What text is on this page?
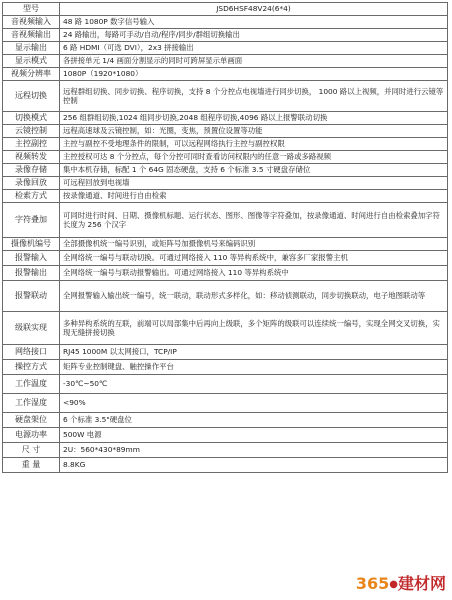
型号	JSD6HSF48V24(6*4)
音视频输入	48 路 1080P 数字信号输入
音视频输出	24 路输出，每路可手动/自动/程序/同步/群组切换输出
显示输出	6 路 HDMI（可选 DVI），2x3 拼接输出
显示模式	各拼接单元 1/4 画面分割显示的同时可跨屏显示单画面
视频分辨率	1080P（1920*1080）
远程切换	远程群组切换、同步切换、程序切换，支持 8 个分控点电视墙进行同步切换， 1000 路以上视频，并同时进行云镜等控制
切换模式	256 组群组切换,1024 组同步切换,2048 组程序切换,4096 路以上报警联动切换
云镜控制	远程高速球及云镜控制，如：光圈，变焦，预置位设置等功能
主控副控	主控与副控不受地理条件的限制，可以远程网络执行主控与副控权限
视频转发	主控授权可达 8 个分控点，每个分控可同时查看访问权限内的任意一路或多路视频
录像存储	集中本机存储，标配 1 个 64G 固态硬盘，支持 6 个标准 3.5 寸硬盘存储位
录像回放	可远程回放到电视墙
检索方式	按录像通道、时间进行自由检索
字符叠加	可同时进行时间、日期、摄像机标题、运行状态、图形、图像等字符叠加，按录像通道、时间进行自由检索叠加字符长度为 256 个汉字
摄像机编号	全部摄像机统一编号识别，或矩阵号加摄像机号来编码识别
报警输入	全网络统一编号与联动切换。可通过网络接入 110 等异构系统中，兼容多厂家报警主机
报警输出	全网络统一编号与联动报警输出。可通过网络接入 110 等异构系统中
报警联动	全网报警输入输出统一编号，统一联动，联动形式多样化，如：移动侦测联动，同步切换联动，电子地图联动等
级联实现	多种异构系统的互联，前端可以局部集中后再向上级联，多个矩阵的级联可以连续统一编号，实现全网交叉切换，实现无缝拼接切换
网络接口	RJ45 1000M 以太网接口，TCP/IP
操控方式	矩阵专业控制键盘、触控操作平台
工作温度	-30℃~50℃
工作湿度	<90%
硬盘架位	6 个标准 3.5"硬盘位
电源功率	500W 电源
尺 寸	2U：560*430*89mm
重 量	8.8KG
365●建材网
